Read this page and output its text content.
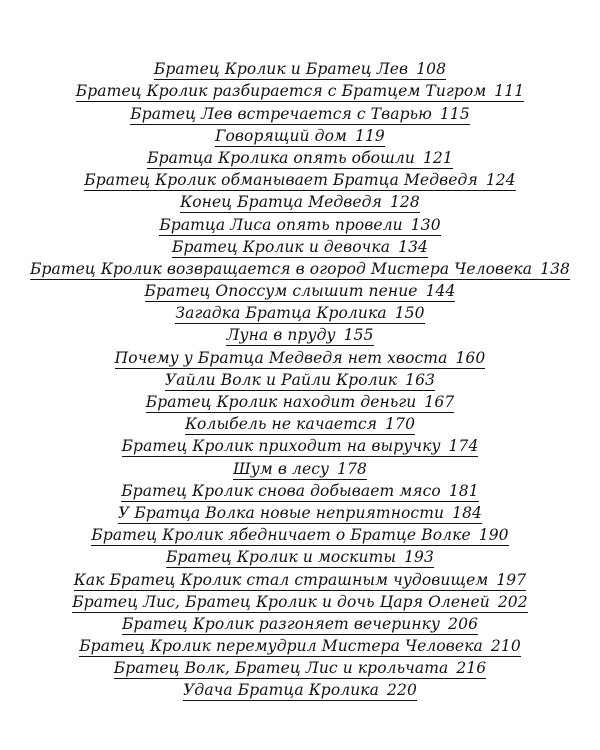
Братец Кролик и Братец Лев 108
Братец Кролик разбирается с Братцем Тигром 111
Братец Лев встречается с Тварью 115
Говорящий дом 119
Братца Кролика опять обошли 121
Братец Кролик обманывает Братца Медведя 124
Конец Братца Медведя 128
Братца Лиса опять провели 130
Братец Кролик и девочка 134
Братец Кролик возвращается в огород Мистера Человека 138
Братец Опоссум слышит пение 144
Загадка Братца Кролика 150
Луна в пруду 155
Почему у Братца Медведя нет хвоста 160
Уайли Волк и Райли Кролик 163
Братец Кролик находит деньги 167
Колыбель не качается 170
Братец Кролик приходит на выручку 174
Шум в лесу 178
Братец Кролик снова добывает мясо 181
У Братца Волка новые неприятности 184
Братец Кролик ябедничает о Братце Волке 190
Братец Кролик и москиты 193
Как Братец Кролик стал страшным чудовищем 197
Братец Лис, Братец Кролик и дочь Царя Оленей 202
Братец Кролик разгоняет вечеринку 206
Братец Кролик перемудрил Мистера Человека 210
Братец Волк, Братец Лис и крольчата 216
Удача Братца Кролика 220
